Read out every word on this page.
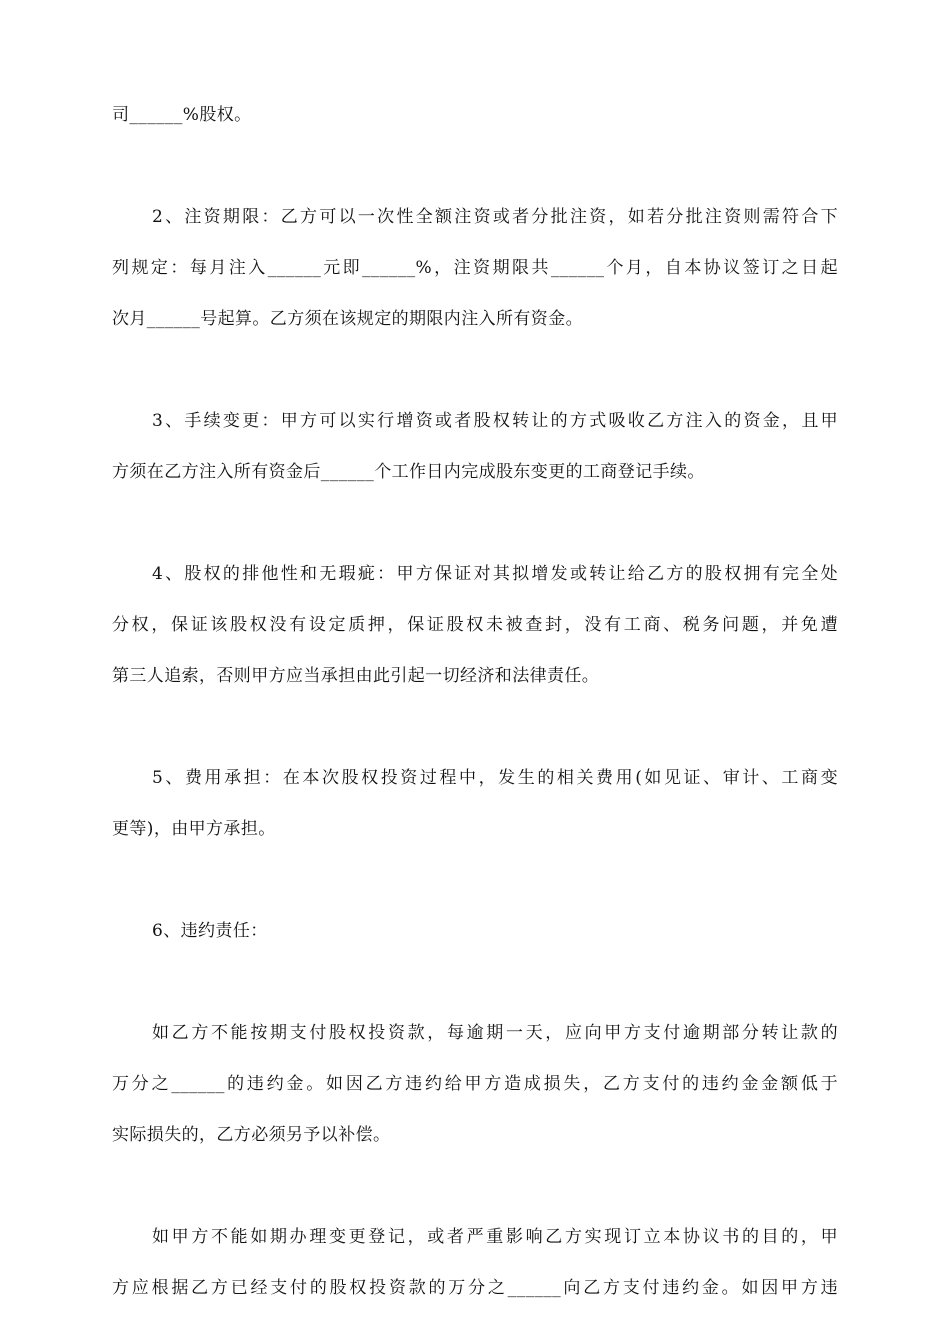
司______%股权。
2、注资期限：乙方可以一次性全额注资或者分批注资，如若分批注资则需符合下
列规定：每月注入______元即______%，注资期限共______个月，自本协议签订之日起
次月______号起算。乙方须在该规定的期限内注入所有资金。
3、手续变更：甲方可以实行增资或者股权转让的方式吸收乙方注入的资金，且甲
方须在乙方注入所有资金后______个工作日内完成股东变更的工商登记手续。
4、股权的排他性和无瑕疵：甲方保证对其拟增发或转让给乙方的股权拥有完全处
分权，保证该股权没有设定质押，保证股权未被查封，没有工商、税务问题，并免遭
第三人追索，否则甲方应当承担由此引起一切经济和法律责任。
5、费用承担：在本次股权投资过程中，发生的相关费用(如见证、审计、工商变
更等)，由甲方承担。
6、违约责任：
如乙方不能按期支付股权投资款，每逾期一天，应向甲方支付逾期部分转让款的
万分之______的违约金。如因乙方违约给甲方造成损失，乙方支付的违约金金额低于
实际损失的，乙方必须另予以补偿。
如甲方不能如期办理变更登记，或者严重影响乙方实现订立本协议书的目的，甲
方应根据乙方已经支付的股权投资款的万分之______向乙方支付违约金。如因甲方违
